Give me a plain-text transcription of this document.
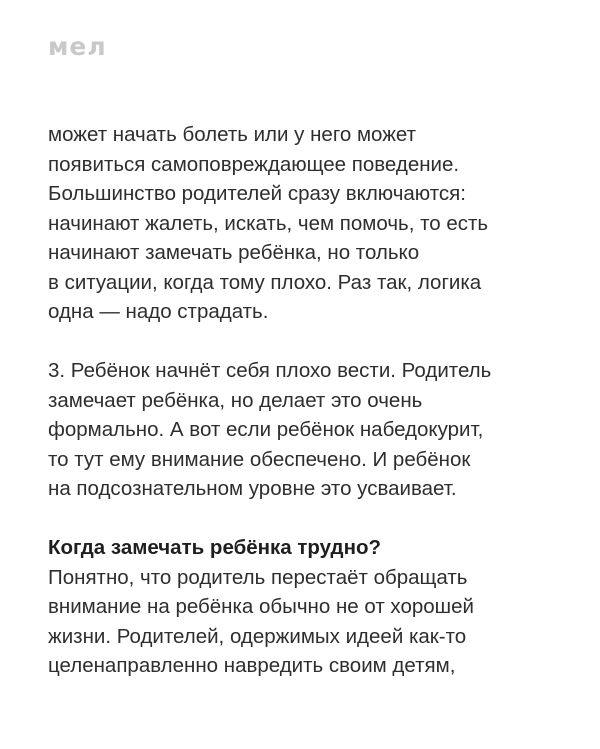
мел

может начать болеть или у него может
появиться самоповреждающее поведение.
Большинство родителей сразу включаются:
начинают жалеть, искать, чем помочь, то есть
начинают замечать ребёнка, но только
в ситуации, когда тому плохо. Раз так, логика
одна — надо страдать.

3. Ребёнок начнёт себя плохо вести. Родитель
замечает ребёнка, но делает это очень
формально. А вот если ребёнок набедокурит,
то тут ему внимание обеспечено. И ребёнок
на подсознательном уровне это усваивает.

Когда замечать ребёнка трудно?
Понятно, что родитель перестаёт обращать
внимание на ребёнка обычно не от хорошей
жизни. Родителей, одержимых идеей как-то
целенаправленно навредить своим детям,
